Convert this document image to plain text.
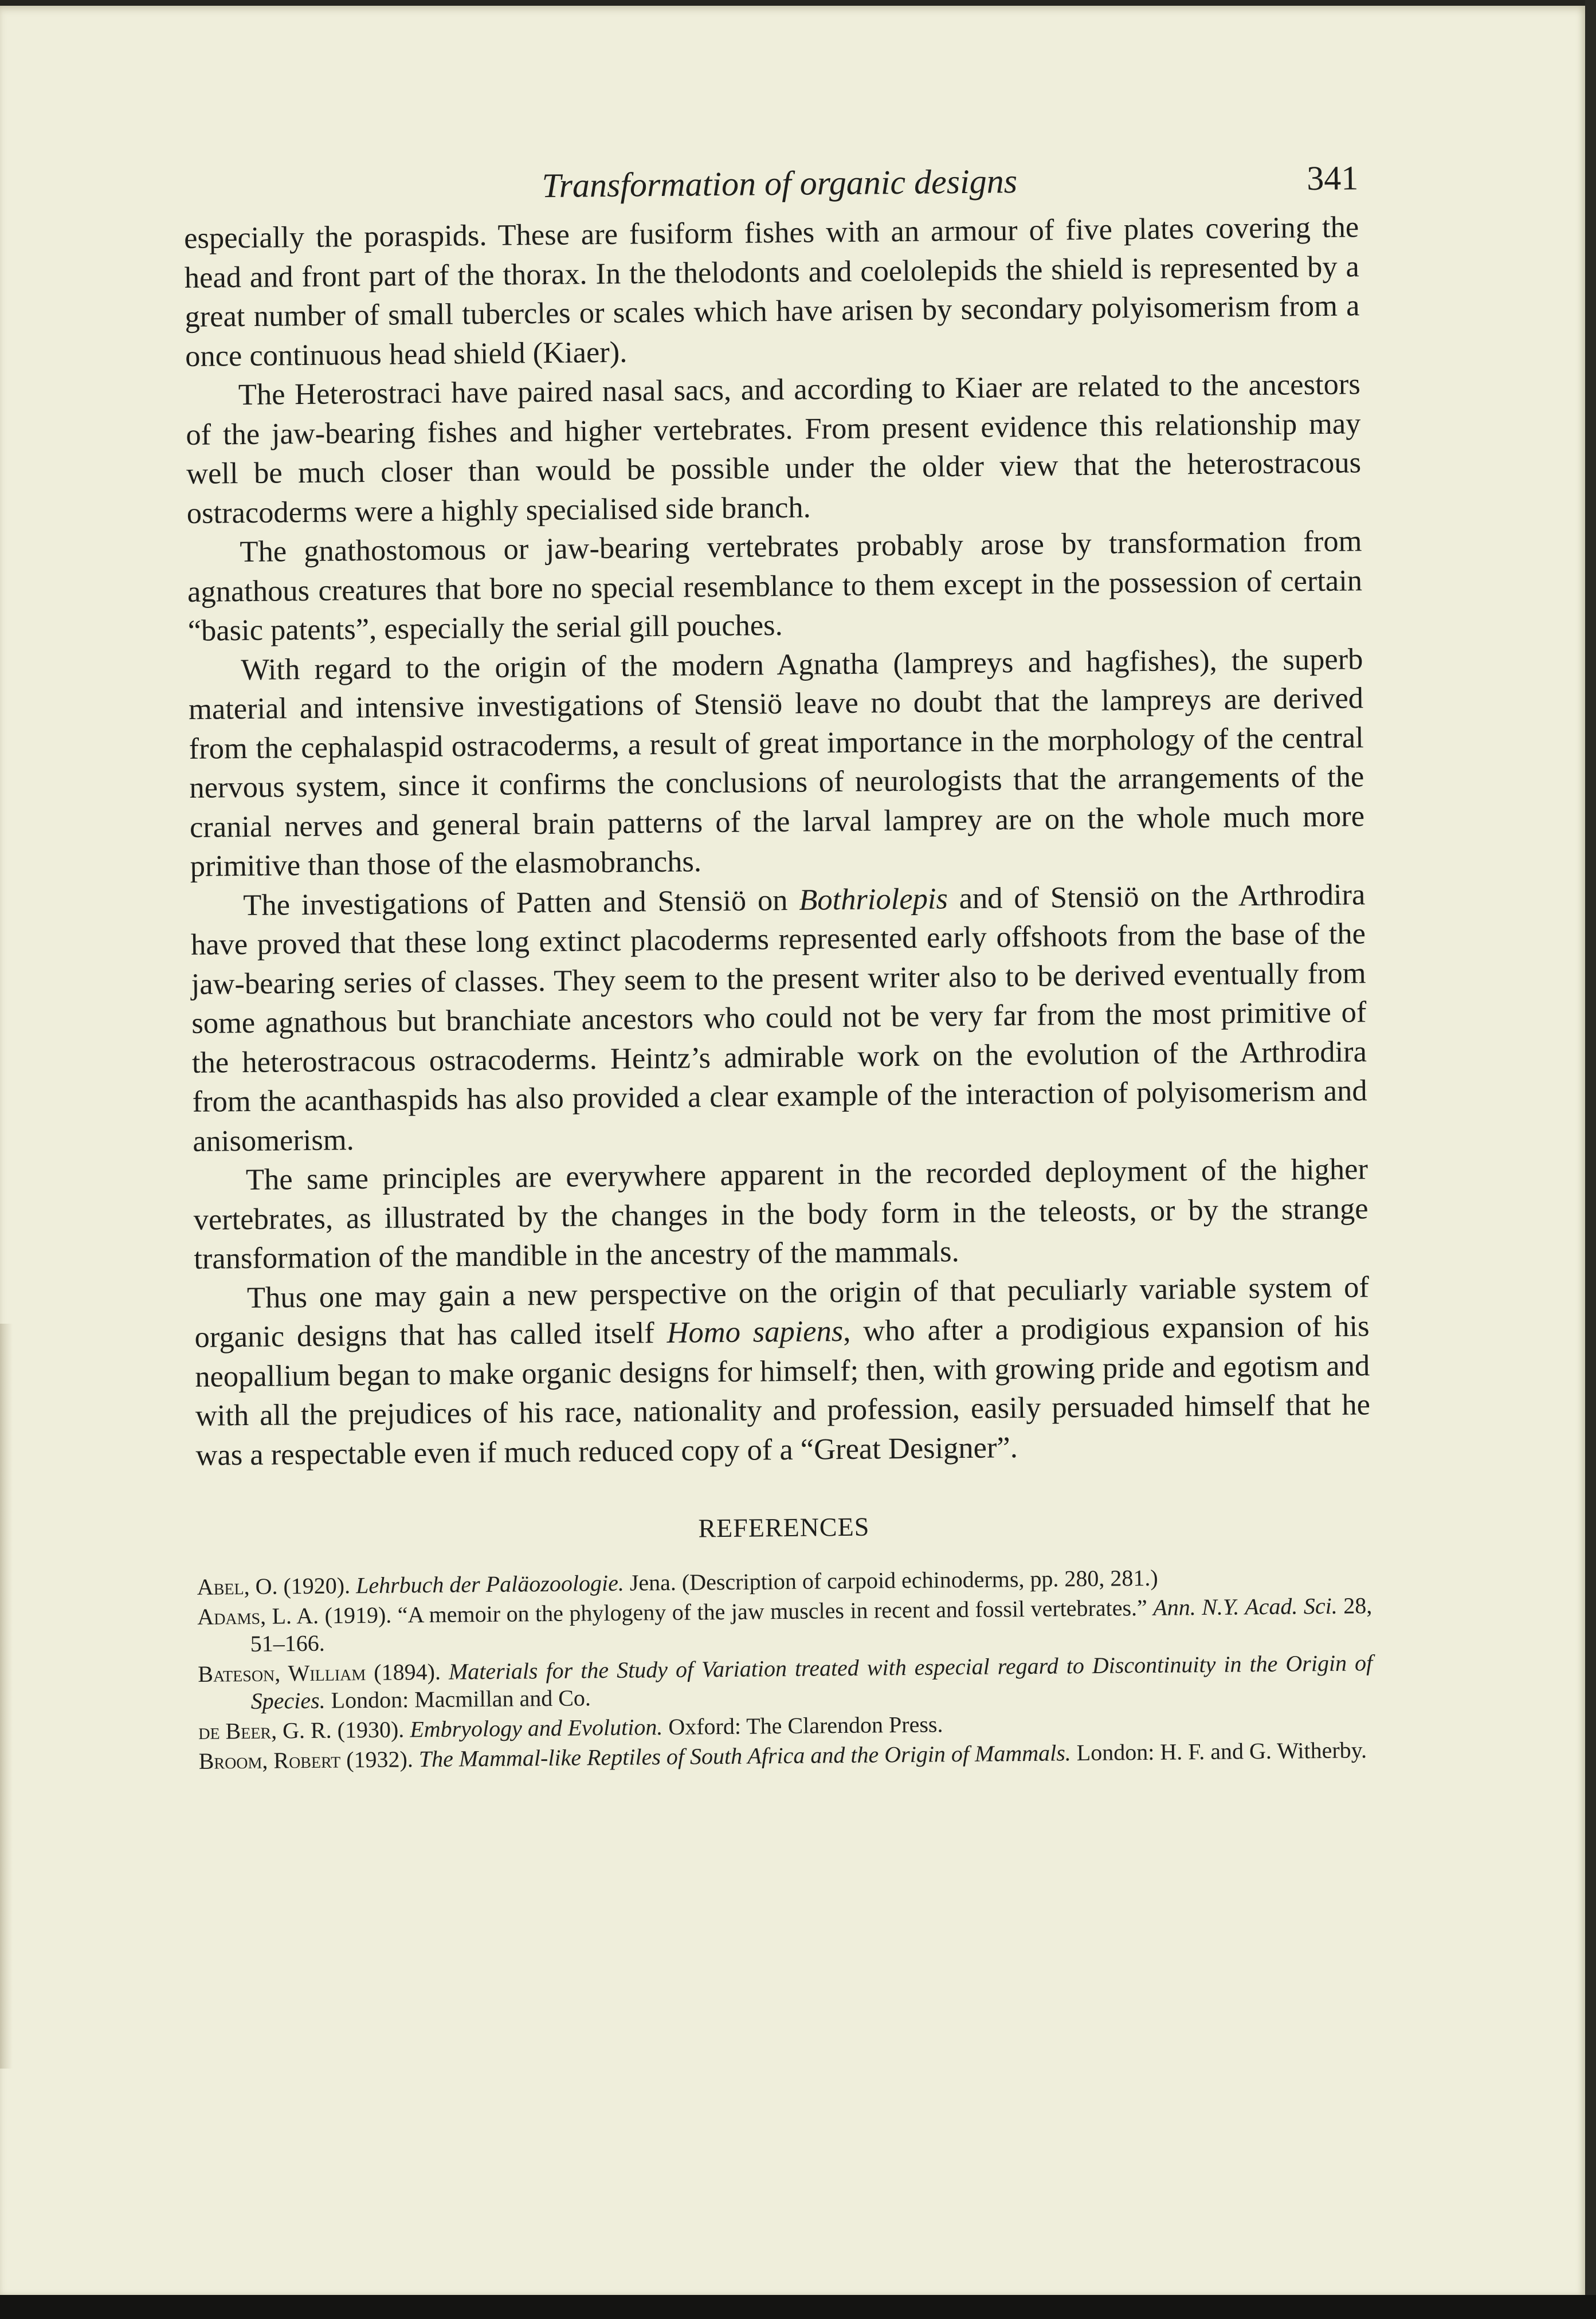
Transformation of organic designs	341

especially the poraspids. These are fusiform fishes with an armour of five plates covering the head and front part of the thorax. In the thelodonts and coelolepids the shield is represented by a great number of small tubercles or scales which have arisen by secondary polyisomerism from a once continuous head shield (Kiaer).

The Heterostraci have paired nasal sacs, and according to Kiaer are related to the ancestors of the jaw-bearing fishes and higher vertebrates. From present evidence this relationship may well be much closer than would be possible under the older view that the heterostracous ostracoderms were a highly specialised side branch.

The gnathostomous or jaw-bearing vertebrates probably arose by transformation from agnathous creatures that bore no special resemblance to them except in the possession of certain “basic patents”, especially the serial gill pouches.

With regard to the origin of the modern Agnatha (lampreys and hagfishes), the superb material and intensive investigations of Stensiö leave no doubt that the lampreys are derived from the cephalaspid ostracoderms, a result of great importance in the morphology of the central nervous system, since it confirms the conclusions of neurologists that the arrangements of the cranial nerves and general brain patterns of the larval lamprey are on the whole much more primitive than those of the elasmobranchs.

The investigations of Patten and Stensiö on Bothriolepis and of Stensiö on the Arthrodira have proved that these long extinct placoderms represented early offshoots from the base of the jaw-bearing series of classes. They seem to the present writer also to be derived eventually from some agnathous but branchiate ancestors who could not be very far from the most primitive of the heterostracous ostracoderms. Heintz’s admirable work on the evolution of the Arthrodira from the acanthaspids has also provided a clear example of the interaction of polyisomerism and anisomerism.

The same principles are everywhere apparent in the recorded deployment of the higher vertebrates, as illustrated by the changes in the body form in the teleosts, or by the strange transformation of the mandible in the ancestry of the mammals.

Thus one may gain a new perspective on the origin of that peculiarly variable system of organic designs that has called itself Homo sapiens, who after a prodigious expansion of his neopallium began to make organic designs for himself; then, with growing pride and egotism and with all the prejudices of his race, nationality and profession, easily persuaded himself that he was a respectable even if much reduced copy of a “Great Designer”.

REFERENCES
Abel, O. (1920). Lehrbuch der Paläozoologie. Jena. (Description of carpoid echinoderms, pp. 280, 281.)
Adams, L. A. (1919). “A memoir on the phylogeny of the jaw muscles in recent and fossil vertebrates.” Ann. N.Y. Acad. Sci. 28, 51–166.
Bateson, William (1894). Materials for the Study of Variation treated with especial regard to Discontinuity in the Origin of Species. London: Macmillan and Co.
de Beer, G. R. (1930). Embryology and Evolution. Oxford: The Clarendon Press.
Broom, Robert (1932). The Mammal-like Reptiles of South Africa and the Origin of Mammals. London: H. F. and G. Witherby.
